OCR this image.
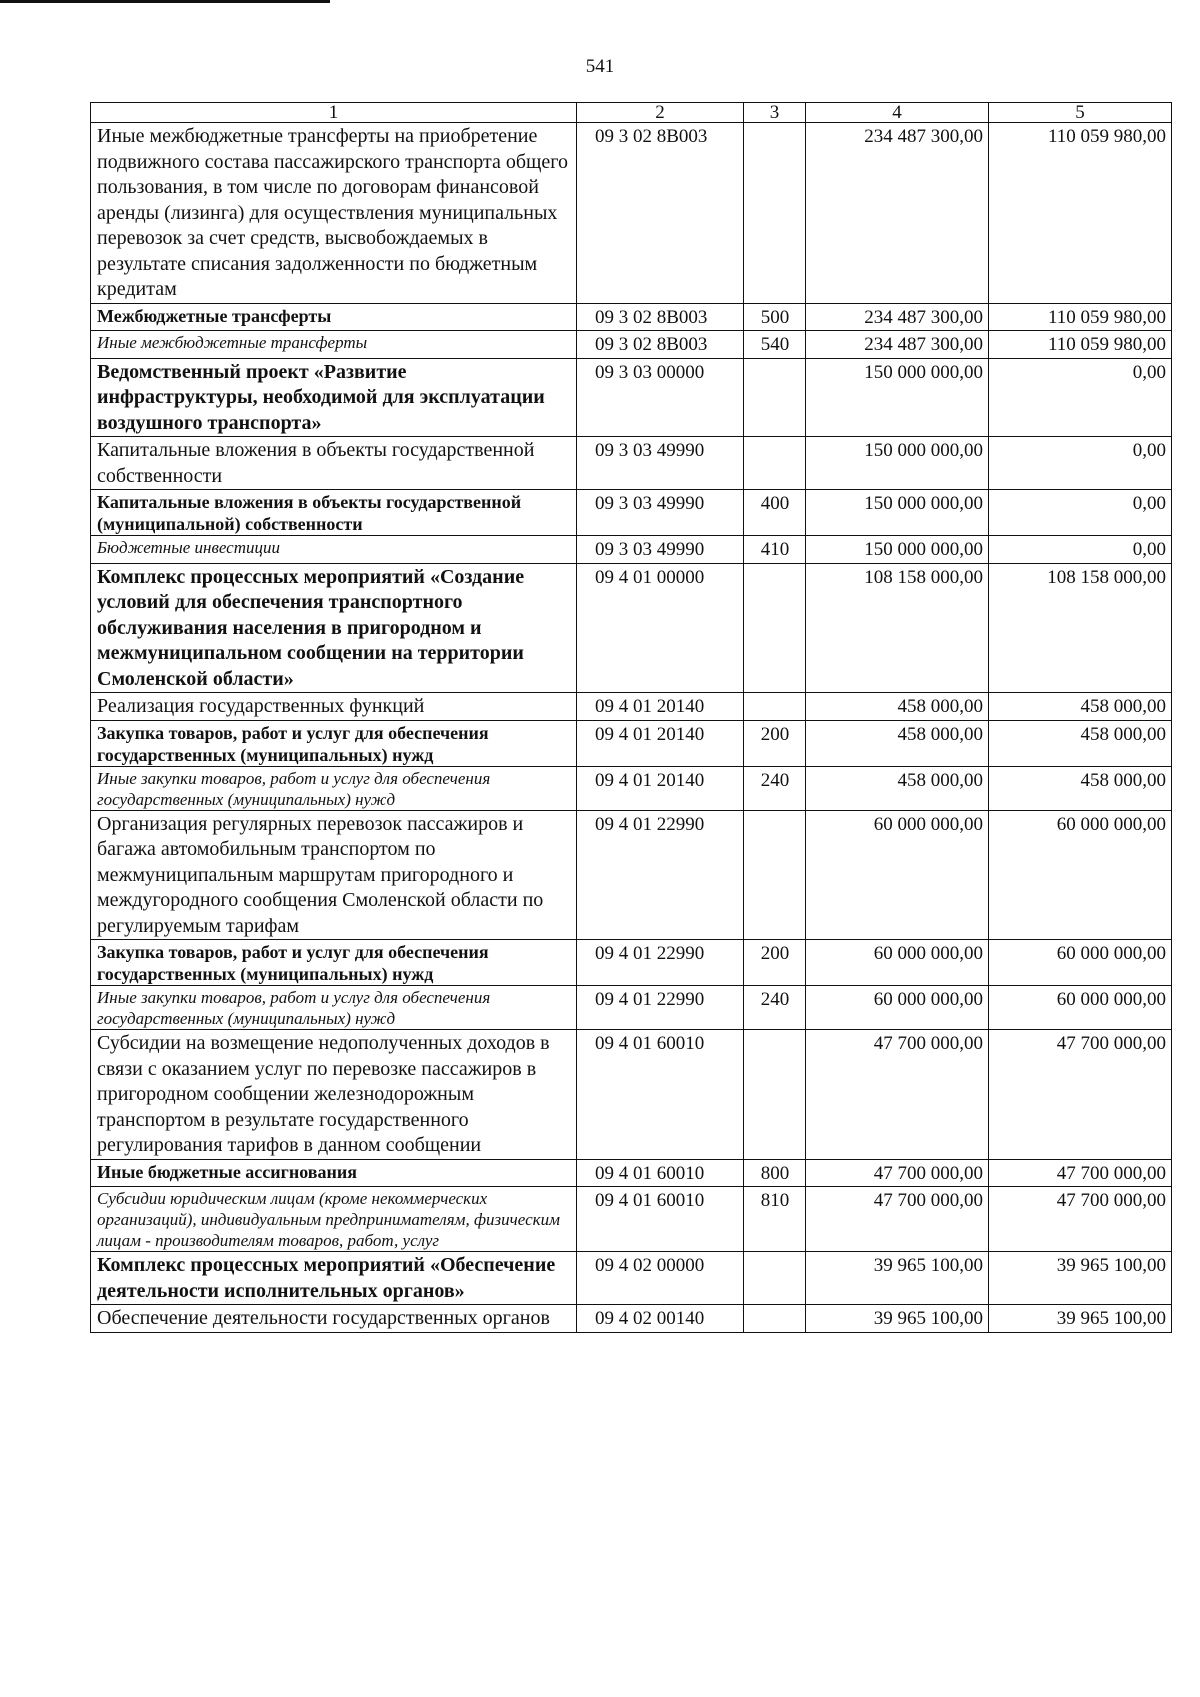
541
1	2	3	4	5
Иные межбюджетные трансферты на приобретение подвижного состава пассажирского транспорта общего пользования, в том числе по договорам финансовой аренды (лизинга) для осуществления муниципальных перевозок за счет средств, высвобождаемых в результате списания задолженности по бюджетным кредитам	09 3 02 8B003		234 487 300,00	110 059 980,00
Межбюджетные трансферты	09 3 02 8B003	500	234 487 300,00	110 059 980,00
Иные межбюджетные трансферты	09 3 02 8B003	540	234 487 300,00	110 059 980,00
Ведомственный проект «Развитие инфраструктуры, необходимой для эксплуатации воздушного транспорта»	09 3 03 00000		150 000 000,00	0,00
Капитальные вложения в объекты государственной собственности	09 3 03 49990		150 000 000,00	0,00
Капитальные вложения в объекты государственной (муниципальной) собственности	09 3 03 49990	400	150 000 000,00	0,00
Бюджетные инвестиции	09 3 03 49990	410	150 000 000,00	0,00
Комплекс процессных мероприятий «Создание условий для обеспечения транспортного обслуживания населения в пригородном и межмуниципальном сообщении на территории Смоленской области»	09 4 01 00000		108 158 000,00	108 158 000,00
Реализация государственных функций	09 4 01 20140		458 000,00	458 000,00
Закупка товаров, работ и услуг для обеспечения государственных (муниципальных) нужд	09 4 01 20140	200	458 000,00	458 000,00
Иные закупки товаров, работ и услуг для обеспечения государственных (муниципальных) нужд	09 4 01 20140	240	458 000,00	458 000,00
Организация регулярных перевозок пассажиров и багажа автомобильным транспортом по межмуниципальным маршрутам пригородного и междугородного сообщения Смоленской области по регулируемым тарифам	09 4 01 22990		60 000 000,00	60 000 000,00
Закупка товаров, работ и услуг для обеспечения государственных (муниципальных) нужд	09 4 01 22990	200	60 000 000,00	60 000 000,00
Иные закупки товаров, работ и услуг для обеспечения государственных (муниципальных) нужд	09 4 01 22990	240	60 000 000,00	60 000 000,00
Субсидии на возмещение недополученных доходов в связи с оказанием услуг по перевозке пассажиров в пригородном сообщении железнодорожным транспортом в результате государственного регулирования тарифов в данном сообщении	09 4 01 60010		47 700 000,00	47 700 000,00
Иные бюджетные ассигнования	09 4 01 60010	800	47 700 000,00	47 700 000,00
Субсидии юридическим лицам (кроме некоммерческих организаций), индивидуальным предпринимателям, физическим лицам - производителям товаров, работ, услуг	09 4 01 60010	810	47 700 000,00	47 700 000,00
Комплекс процессных мероприятий «Обеспечение деятельности исполнительных органов»	09 4 02 00000		39 965 100,00	39 965 100,00
Обеспечение деятельности государственных органов	09 4 02 00140		39 965 100,00	39 965 100,00
